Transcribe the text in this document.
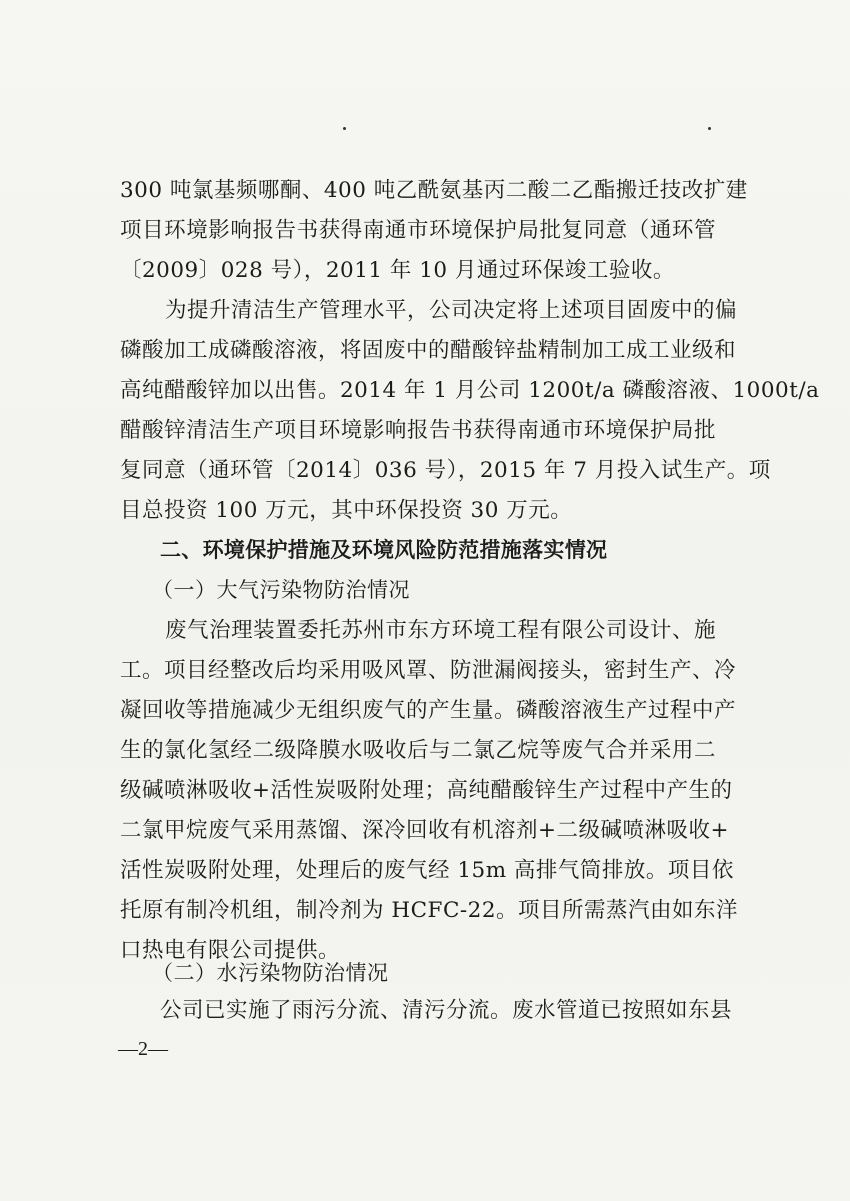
300 吨氯基频哪酮、400 吨乙酰氨基丙二酸二乙酯搬迁技改扩建
项目环境影响报告书获得南通市环境保护局批复同意（通环管
〔2009〕028 号），2011 年 10 月通过环保竣工验收。
为提升清洁生产管理水平，公司决定将上述项目固废中的偏
磷酸加工成磷酸溶液，将固废中的醋酸锌盐精制加工成工业级和
高纯醋酸锌加以出售。2014 年 1 月公司 1200t/a 磷酸溶液、1000t/a
醋酸锌清洁生产项目环境影响报告书获得南通市环境保护局批
复同意（通环管〔2014〕036 号），2015 年 7 月投入试生产。项
目总投资 100 万元，其中环保投资 30 万元。
二、环境保护措施及环境风险防范措施落实情况
（一）大气污染物防治情况
废气治理装置委托苏州市东方环境工程有限公司设计、施
工。项目经整改后均采用吸风罩、防泄漏阀接头，密封生产、冷
凝回收等措施减少无组织废气的产生量。磷酸溶液生产过程中产
生的氯化氢经二级降膜水吸收后与二氯乙烷等废气合并采用二
级碱喷淋吸收+活性炭吸附处理；高纯醋酸锌生产过程中产生的
二氯甲烷废气采用蒸馏、深冷回收有机溶剂+二级碱喷淋吸收+
活性炭吸附处理，处理后的废气经 15m 高排气筒排放。项目依
托原有制冷机组，制冷剂为 HCFC-22。项目所需蒸汽由如东洋
口热电有限公司提供。
（二）水污染物防治情况
公司已实施了雨污分流、清污分流。废水管道已按照如东县
—2—
